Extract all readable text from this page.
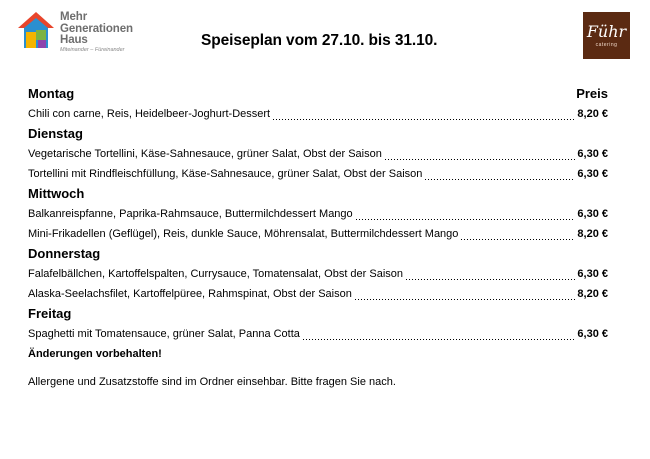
Mehr
Generationen
Haus
Miteinander – Füreinander
Speiseplan vom 27.10. bis 31.10.	Führ
catering
Montag	Preis
Chili con carne, Reis, Heidelbeer-Joghurt-Dessert	8,20 €
Dienstag
Vegetarische Tortellini, Käse-Sahnesauce, grüner Salat, Obst der Saison	6,30 €
Tortellini mit Rindfleischfüllung, Käse-Sahnesauce, grüner Salat, Obst der Saison	6,30 €
Mittwoch
Balkanreispfanne, Paprika-Rahmsauce, Buttermilchdessert Mango	6,30 €
Mini-Frikadellen (Geflügel), Reis, dunkle Sauce, Möhrensalat, Buttermilchdessert Mango	8,20 €
Donnerstag
Falafelbällchen, Kartoffelspalten, Currysauce, Tomatensalat, Obst der Saison	6,30 €
Alaska-Seelachsfilet, Kartoffelpüree, Rahmspinat, Obst der Saison	8,20 €
Freitag
Spaghetti mit Tomatensauce, grüner Salat, Panna Cotta	6,30 €
Änderungen vorbehalten!
Allergene und Zusatzstoffe sind im Ordner einsehbar. Bitte fragen Sie nach.
